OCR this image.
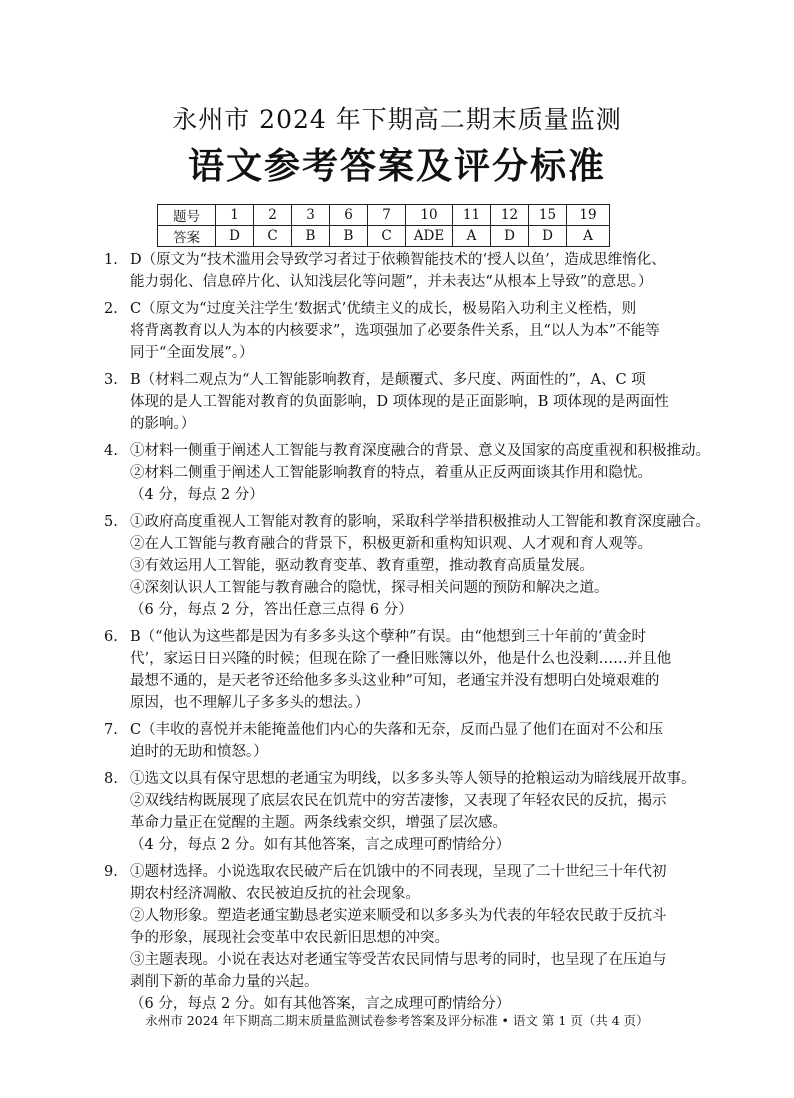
永州市 2024 年下期高二期末质量监测
语文参考答案及评分标准
题号	1	2	3	6	7	10	11	12	15	19
答案	D	C	B	B	C	ADE	A	D	D	A
1. D（原文为“技术滥用会导致学习者过于依赖智能技术的‘授人以鱼’，造成思维惰化、
能力弱化、信息碎片化、认知浅层化等问题”，并未表达“从根本上导致”的意思。）
2. C（原文为“过度关注学生‘数据式’优绩主义的成长，极易陷入功利主义桎梏，则
将背离教育以人为本的内核要求”，选项强加了必要条件关系，且“以人为本”不能等
同于“全面发展”。）
3. B（材料二观点为“人工智能影响教育，是颠覆式、多尺度、两面性的”，A、C 项
体现的是人工智能对教育的负面影响，D 项体现的是正面影响，B 项体现的是两面性
的影响。）
4. ①材料一侧重于阐述人工智能与教育深度融合的背景、意义及国家的高度重视和积极推动。
②材料二侧重于阐述人工智能影响教育的特点，着重从正反两面谈其作用和隐忧。
（4 分，每点 2 分）
5. ①政府高度重视人工智能对教育的影响，采取科学举措积极推动人工智能和教育深度融合。
②在人工智能与教育融合的背景下，积极更新和重构知识观、人才观和育人观等。
③有效运用人工智能，驱动教育变革、教育重塑，推动教育高质量发展。
④深刻认识人工智能与教育融合的隐忧，探寻相关问题的预防和解决之道。
（6 分，每点 2 分，答出任意三点得 6 分）
6. B（“他认为这些都是因为有多多头这个孽种”有误。由“他想到三十年前的‘黄金时
代’，家运日日兴隆的时候；但现在除了一叠旧账簿以外，他是什么也没剩……并且他
最想不通的，是天老爷还给他多多头这业种”可知，老通宝并没有想明白处境艰难的
原因，也不理解儿子多多头的想法。）
7. C（丰收的喜悦并未能掩盖他们内心的失落和无奈，反而凸显了他们在面对不公和压
迫时的无助和愤怒。）
8. ①选文以具有保守思想的老通宝为明线，以多多头等人领导的抢粮运动为暗线展开故事。
②双线结构既展现了底层农民在饥荒中的穷苦凄惨，又表现了年轻农民的反抗，揭示
革命力量正在觉醒的主题。两条线索交织，增强了层次感。
（4 分，每点 2 分。如有其他答案，言之成理可酌情给分）
9. ①题材选择。小说选取农民破产后在饥饿中的不同表现，呈现了二十世纪三十年代初
期农村经济凋敝、农民被迫反抗的社会现象。
②人物形象。塑造老通宝勤恳老实逆来顺受和以多多头为代表的年轻农民敢于反抗斗
争的形象，展现社会变革中农民新旧思想的冲突。
③主题表现。小说在表达对老通宝等受苦农民同情与思考的同时，也呈现了在压迫与
剥削下新的革命力量的兴起。
（6 分，每点 2 分。如有其他答案，言之成理可酌情给分）
永州市 2024 年下期高二期末质量监测试卷参考答案及评分标准 • 语文 第 1 页（共 4 页）
